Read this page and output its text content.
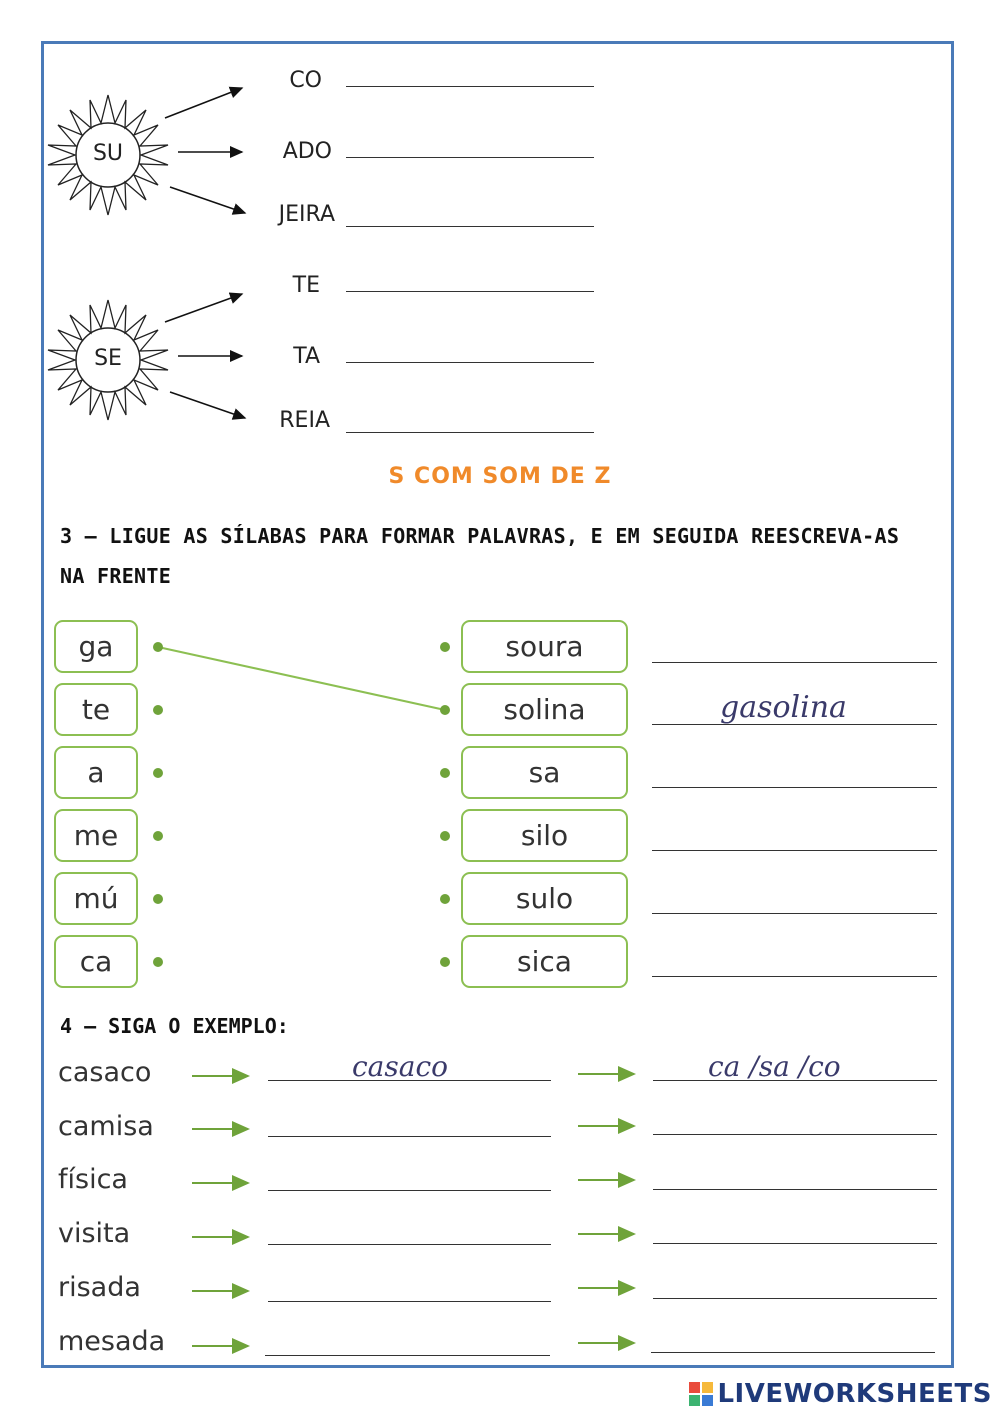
SU
SE
CO
ADO
JEIRA
TE
TA
REIA
S COM SOM DE Z
3 – LIGUE AS SÍLABAS PARA FORMAR PALAVRAS, E EM SEGUIDA REESCREVA-AS NA FRENTE
ga
te
a
me
mú
ca
soura
solina
sa
silo
sulo
sica
gasolina
4 – SIGA O EXEMPLO:
casaco
camisa
física
visita
risada
mesada
casaco	ca /sa /co
LIVEWORKSHEETS
